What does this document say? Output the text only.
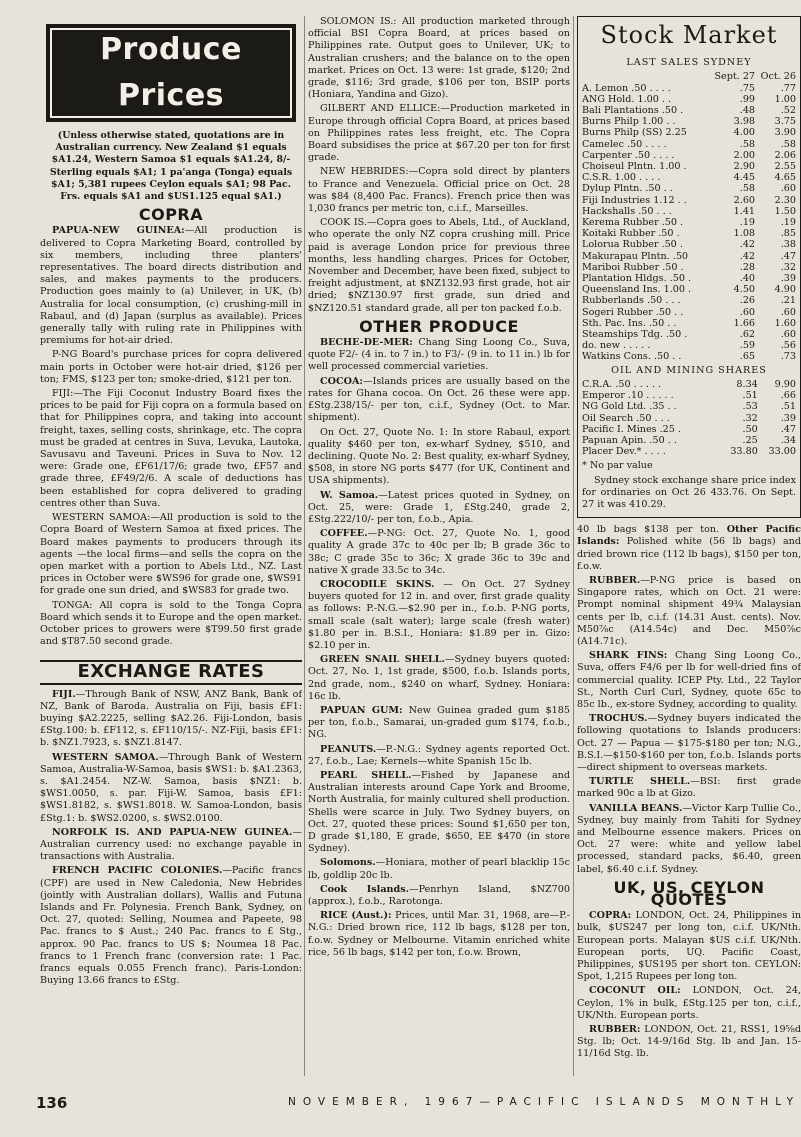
Produce Prices

(Unless otherwise stated, quotations are in Australian currency. New Zealand $1 equals $A1.24, Western Samoa $1 equals $A1.24, 8/- Sterling equals $A1; 1 pa'anga (Tonga) equals $A1; 5,381 rupees Ceylon equals $A1; 98 Pac. Frs. equals $A1 and $US1.125 equal $A1.)

COPRA

PAPUA-NEW GUINEA:—All production is delivered to Copra Marketing Board, controlled by six members, including three planters' representatives. The board directs distribution and sales, and makes payments to the producers. Production goes mainly to (a) Unilever, in UK, (b) Australia for local consumption, (c) crushing-mill in Rabaul, and (d) Japan (surplus as available). Prices generally tally with ruling rate in Philippines with premiums for hot-air dried.

P-NG Board's purchase prices for copra delivered main ports in October were hot-air dried, $126 per ton; FMS, $123 per ton; smoke-dried, $121 per ton.

FIJI:—The Fiji Coconut Industry Board fixes the prices to be paid for Fiji copra on a formula based on that for Philippines copra, and taking into account freight, taxes, selling costs, shrinkage, etc. The copra must be graded at centres in Suva, Levuka, Lautoka, Savusavu and Taveuni. Prices in Suva to Nov. 12 were: Grade one, £F61/17/6; grade two, £F57 and grade three, £F49/2/6. A scale of deductions has been established for copra delivered to grading centres other than Suva.

WESTERN SAMOA:—All production is sold to the Copra Board of Western Samoa at fixed prices. The Board makes payments to producers through its agents —the local firms—and sells the copra on the open market with a portion to Abels Ltd., NZ. Last prices in October were $WS96 for grade one, $WS91 for grade one sun dried, and $WS83 for grade two.

TONGA: All copra is sold to the Tonga Copra Board which sends it to Europe and the open market. October prices to growers were $T99.50 first grade and $T87.50 second grade.

EXCHANGE RATES

FIJI.—Through Bank of NSW, ANZ Bank, Bank of NZ, Bank of Baroda. Australia on Fiji, basis £F1: buying $A2.2225, selling $A2.26. Fiji-London, basis £Stg.100: b. £F112, s. £F110/15/-. NZ-Fiji, basis £F1: b. $NZ1.7923, s. $NZ1.8147.

WESTERN SAMOA.—Through Bank of Western Samoa, Australia-W-Samoa, basis $WS1: b. $A1.2363, s. $A1.2454. NZ-W. Samoa, basis $NZ1: b. $WS1.0050, s. par. Fiji-W. Samoa, basis £F1: $WS1.8182, s. $WS1.8018. W. Samoa-London, basis £Stg.1: b. $WS2.0200, s. $WS2.0100.

NORFOLK IS. AND PAPUA-NEW GUINEA.—Australian currency used: no exchange payable in transactions with Australia.

FRENCH PACIFIC COLONIES.—Pacific francs (CPF) are used in New Caledonia, New Hebrides (jointly with Australian dollars), Wallis and Futuna Islands and Fr. Polynesia. French Bank, Sydney, on Oct. 27, quoted: Selling, Noumea and Papeete, 98 Pac. francs to $ Aust.; 240 Pac. francs to £ Stg., approx. 90 Pac. francs to US $; Noumea 18 Pac. francs to 1 French franc (conversion rate: 1 Pac. francs equals 0.055 French franc). Paris-London: Buying 13.66 francs to £Stg.

SOLOMON IS.: All production marketed through official BSI Copra Board, at prices based on Philippines rate. Output goes to Unilever, UK; to Australian crushers; and the balance on to the open market. Prices on Oct. 13 were: 1st grade, $120; 2nd grade, $116; 3rd grade, $106 per ton, BSIP ports (Honiara, Yandina and Gizo).

GILBERT AND ELLICE:—Production marketed in Europe through official Copra Board, at prices based on Philippines rates less freight, etc. The Copra Board subsidises the price at $67.20 per ton for first grade.

NEW HEBRIDES:—Copra sold direct by planters to France and Venezuela. Official price on Oct. 28 was $84 (8,400 Pac. Francs). French price then was 1,030 francs per metric ton, c.i.f., Marseilles.

COOK IS.—Copra goes to Abels, Ltd., of Auckland, who operate the only NZ copra crushing mill. Price paid is average London price for previous three months, less handling charges. Prices for October, November and December, have been fixed, subject to freight adjustment, at $NZ132.93 first grade, hot air dried; $NZ130.97 first grade, sun dried and $NZ120.51 standard grade, all per ton packed f.o.b.

OTHER PRODUCE

BECHE-DE-MER: Chang Sing Loong Co., Suva, quote F2/- (4 in. to 7 in.) to F3/- (9 in. to 11 in.) lb for well processed commercial varieties.

COCOA:—Islands prices are usually based on the rates for Ghana cocoa. On Oct. 26 these were app. £Stg.238/15/- per ton, c.i.f., Sydney (Oct. to Mar. shipment).

On Oct. 27, Quote No. 1: In store Rabaul, export quality $460 per ton, ex-wharf Sydney, $510, and declining. Quote No. 2: Best quality, ex-wharf Sydney, $508, in store NG ports $477 (for UK, Continent and USA shipments).

W. Samoa.—Latest prices quoted in Sydney, on Oct. 25, were: Grade 1, £Stg.240, grade 2, £Stg.222/10/- per ton, f.o.b., Apia.

COFFEE.—P-NG: Oct. 27, Quote No. 1, good quality A grade 37c to 40c per lb; B grade 36c to 38c; C grade 35c to 36c; X grade 36c to 39c and native X grade 33.5c to 34c.

CROCODILE SKINS. — On Oct. 27 Sydney buyers quoted for 12 in. and over, first grade quality as follows: P.-N.G.—$2.90 per in., f.o.b. P-NG ports, small scale (salt water); large scale (fresh water) $1.80 per in. B.S.I., Honiara: $1.89 per in. Gizo: $2.10 per in.

GREEN SNAIL SHELL.—Sydney buyers quoted: Oct. 27, No. 1, 1st grade, $500, f.o.b. Islands ports, 2nd grade, nom., $240 on wharf, Sydney. Honiara: 16c lb.

PAPUAN GUM: New Guinea graded gum $185 per ton, f.o.b., Samarai, un-graded gum $174, f.o.b., NG.

PEANUTS.—P.-N.G.: Sydney agents reported Oct. 27, f.o.b., Lae; Kernels—white Spanish 15c lb.

PEARL SHELL.—Fished by Japanese and Australian interests around Cape York and Broome, North Australia, for mainly cultured shell production. Shells were scarce in July. Two Sydney buyers, on Oct. 27, quoted these prices: Sound $1,650 per ton, D grade $1,180, E grade, $650, EE $470 (in store Sydney).

Solomons.—Honiara, mother of pearl blacklip 15c lb, goldlip 20c lb.

Cook Islands.—Penrhyn Island, $NZ700 (approx.), f.o.b., Rarotonga.

RICE (Aust.): Prices, until Mar. 31, 1968, are—P.-N.G.: Dried brown rice, 112 lb bags, $128 per ton, f.o.w. Sydney or Melbourne. Vitamin enriched white rice, 56 lb bags, $142 per ton, f.o.w. Brown,

Stock Market
LAST SALES SYDNEY
	Sept. 27	Oct. 26
A. Lemon .50 . . . .	.75	.77
ANG Hold. 1.00 . .	.99	1.00
Bali Plantations .50 .	.48	.52
Burns Philp 1.00 . .	3.98	3.75
Burns Philp (SS) 2.25	4.00	3.90
Camelec .50 . . . .	.58	.58
Carpenter .50 . . . .	2.00	2.06
Choiseul Plntn. 1.00 .	2.90	2.55
C.S.R. 1.00 . . . .	4.45	4.65
Dylup Plntn. .50 . .	.58	.60
Fiji Industries 1.12 . .	2.60	2.30
Hackshalls .50 . . .	1.41	1.50
Kerema Rubber .50 .	.19	.19
Koitaki Rubber .50 .	1.08	.85
Lolorua Rubber .50 .	.42	.38
Makurapau Plntn. .50	.42	.47
Mariboi Rubber .50 .	.28	.32
Plantation Hldgs. .50 .	.40	.39
Queensland Ins. 1.00 .	4.50	4.90
Rubberlands .50 . . .	.26	.21
Sogeri Rubber .50 . .	.60	.60
Sth. Pac. Ins. .50 . .	1.66	1.60
Steamships Tdg. .50 .	.62	.60
do. new . . . . .	.59	.56
Watkins Cons. .50 . .	.65	.73
OIL AND MINING SHARES
C.R.A. .50 . . . . .	8.34	9.90
Emperor .10 . . . . .	.51	.66
NG Gold Ltd. .35 . .	.53	.51
Oil Search .50 . . .	.32	.39
Pacific I. Mines .25 .	.50	.47
Papuan Apin. .50 . .	.25	.34
Placer Dev.* . . . .	33.80	33.00

* No par value

Sydney stock exchange share price index for ordinaries on Oct 26 433.76. On Sept. 27 it was 410.29.

40 lb bags $138 per ton. Other Pacific Islands: Polished white (56 lb bags) and dried brown rice (112 lb bags), $150 per ton, f.o.w.

RUBBER.—P-NG price is based on Singapore rates, which on Oct. 21 were: Prompt nominal shipment 49¾ Malaysian cents per lb, c.i.f. (14.31 Aust. cents). Nov. M50⅞c (A14.54c) and Dec. M50⅞c (A14.71c).

SHARK FINS: Chang Sing Loong Co., Suva, offers F4/6 per lb for well-dried fins of commercial quality. ICEP Pty. Ltd., 22 Taylor St., North Curl Curl, Sydney, quote 65c to 85c lb., ex-store Sydney, according to quality.

TROCHUS.—Sydney buyers indicated the following quotations to Islands producers: Oct. 27 — Papua — $175-$180 per ton; N.G., B.S.I.—$150-$160 per ton, f.o.b. Islands ports—direct shipment to overseas markets.

TURTLE SHELL.—BSI: first grade marked 90c a lb at Gizo.

VANILLA BEANS.—Victor Karp Tullie Co., Sydney, buy mainly from Tahiti for Sydney and Melbourne essence makers. Prices on Oct. 27 were: white and yellow label processed, standard packs, $6.40, green label, $6.40 c.i.f. Sydney.

UK, US, CEYLON QUOTES

COPRA: LONDON, Oct. 24, Philippines in bulk, $US247 per long ton, c.i.f. UK/Nth. European ports. Malayan $US c.i.f. UK/Nth. European ports, UQ. Pacific Coast, Philippines, $US195 per short ton. CEYLON: Spot, 1,215 Rupees per long ton.

COCONUT OIL: LONDON, Oct. 24, Ceylon, 1% in bulk, £Stg.125 per ton, c.i.f., UK/Nth. European ports.

RUBBER: LONDON, Oct. 21, RSS1, 19⅝d Stg. lb; Oct. 14-9/16d Stg. lb and Jan. 15-11/16d Stg. lb.

136	NOVEMBER, 1967—PACIFIC ISLANDS MONTHLY
